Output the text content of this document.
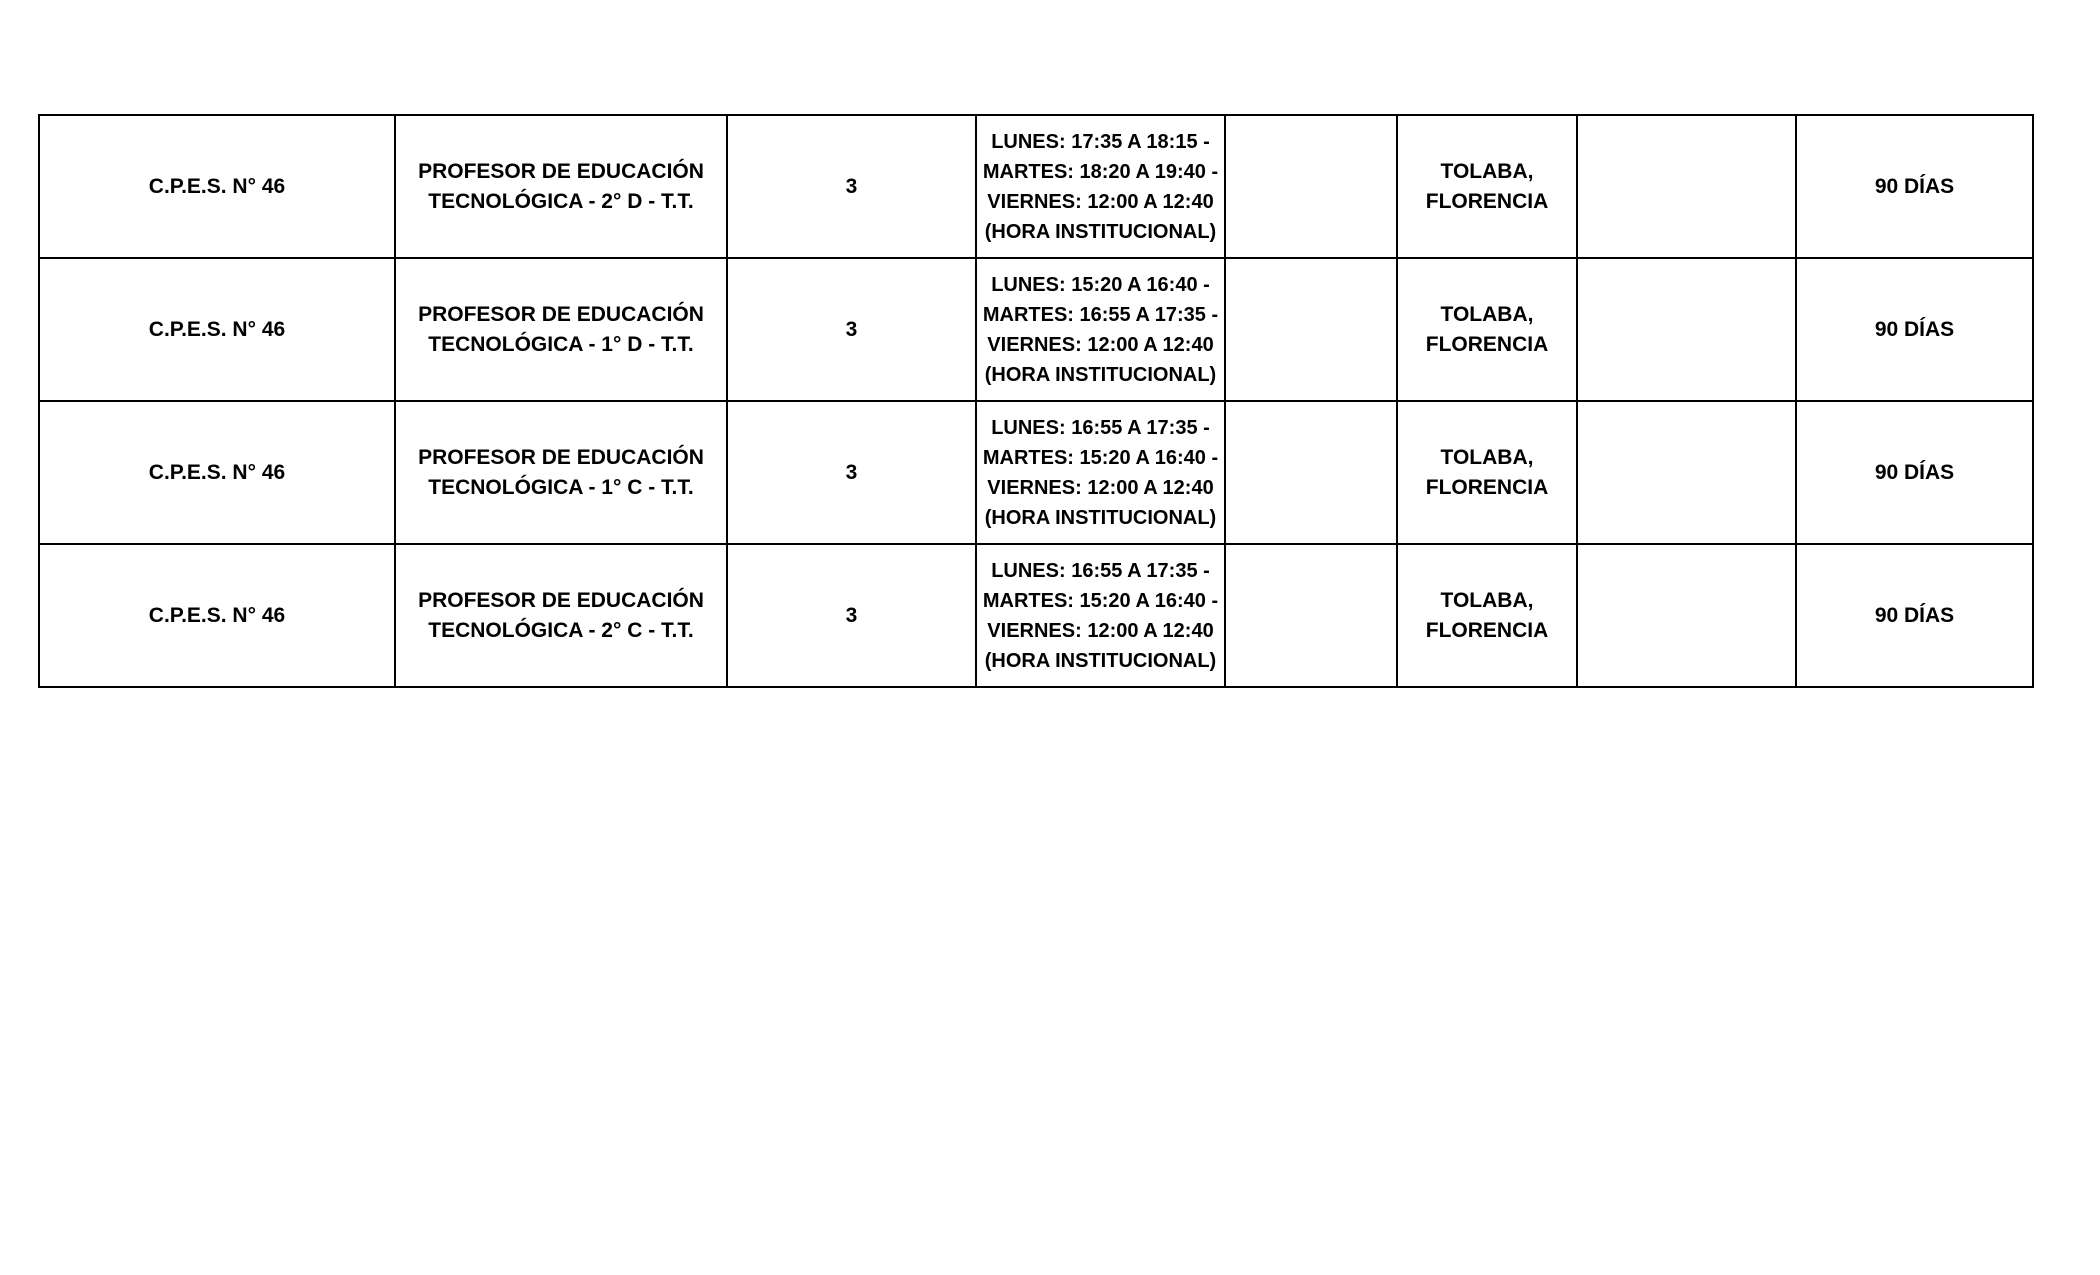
C.P.E.S. N° 46	PROFESOR DE EDUCACIÓN
TECNOLÓGICA - 2° D - T.T.	3	LUNES: 17:35 A 18:15 -
MARTES: 18:20 A 19:40 -
VIERNES: 12:00 A 12:40
(HORA INSTITUCIONAL)		TOLABA,
FLORENCIA		90 DÍAS
C.P.E.S. N° 46	PROFESOR DE EDUCACIÓN
TECNOLÓGICA - 1° D - T.T.	3	LUNES: 15:20 A 16:40 -
MARTES: 16:55 A 17:35 -
VIERNES: 12:00 A 12:40
(HORA INSTITUCIONAL)		TOLABA,
FLORENCIA		90 DÍAS
C.P.E.S. N° 46	PROFESOR DE EDUCACIÓN
TECNOLÓGICA - 1° C - T.T.	3	LUNES: 16:55 A 17:35 -
MARTES: 15:20 A 16:40 -
VIERNES: 12:00 A 12:40
(HORA INSTITUCIONAL)		TOLABA,
FLORENCIA		90 DÍAS
C.P.E.S. N° 46	PROFESOR DE EDUCACIÓN
TECNOLÓGICA - 2° C - T.T.	3	LUNES: 16:55 A 17:35 -
MARTES: 15:20 A 16:40 -
VIERNES: 12:00 A 12:40
(HORA INSTITUCIONAL)		TOLABA,
FLORENCIA		90 DÍAS
